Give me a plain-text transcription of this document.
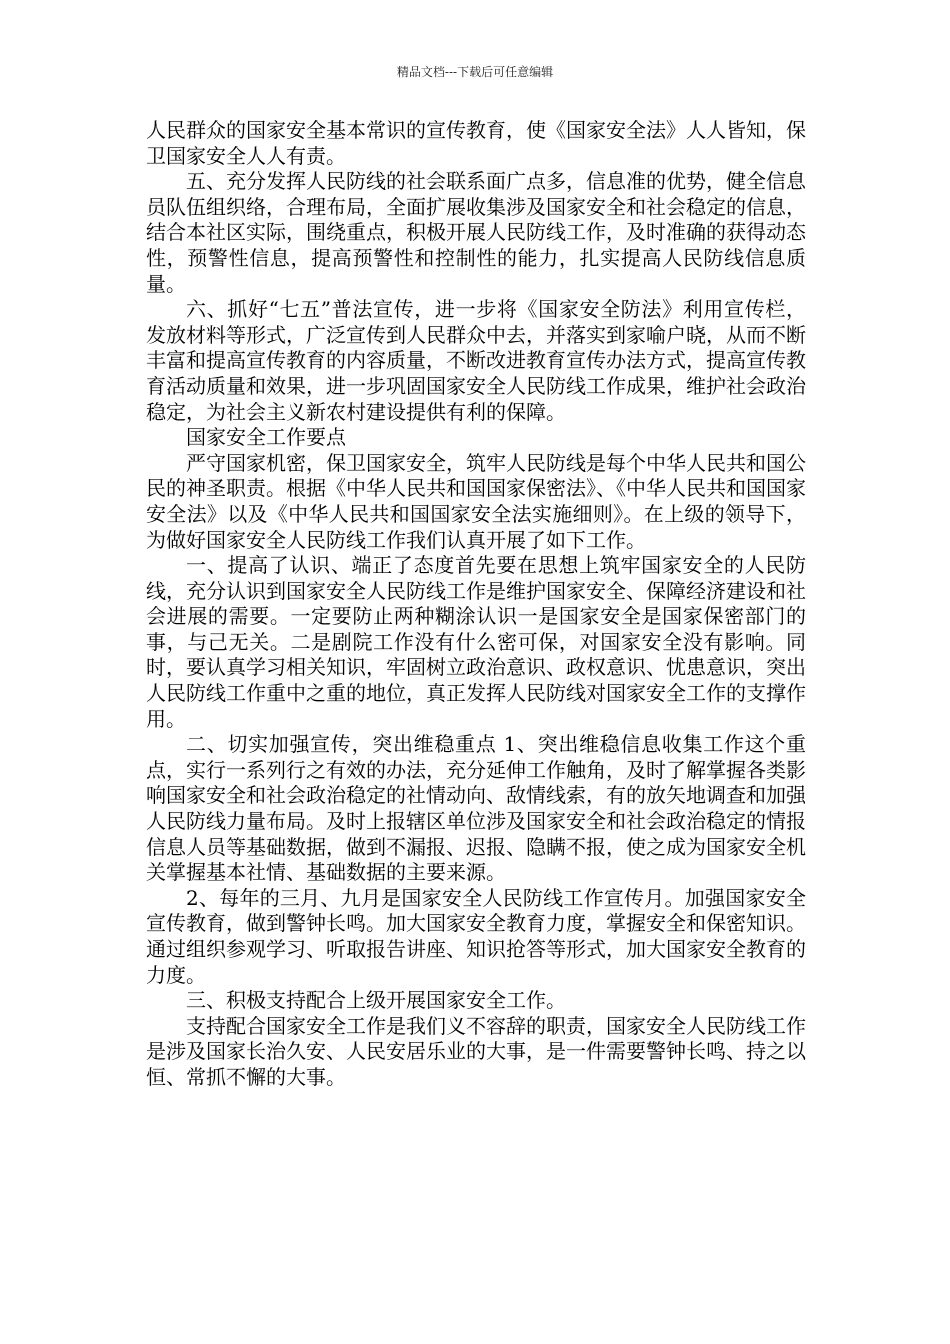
精品文档---下载后可任意编辑

人民群众的国家安全基本常识的宣传教育，使《国家安全法》人人皆知，保卫国家安全人人有责。

五、充分发挥人民防线的社会联系面广点多，信息准的优势，健全信息员队伍组织络，合理布局，全面扩展收集涉及国家安全和社会稳定的信息，结合本社区实际，围绕重点，积极开展人民防线工作，及时准确的获得动态性，预警性信息，提高预警性和控制性的能力，扎实提高人民防线信息质量。

六、抓好“七五”普法宣传，进一步将《国家安全防法》利用宣传栏，发放材料等形式，广泛宣传到人民群众中去，并落实到家喻户晓，从而不断丰富和提高宣传教育的内容质量，不断改进教育宣传办法方式，提高宣传教育活动质量和效果，进一步巩固国家安全人民防线工作成果，维护社会政治稳定，为社会主义新农村建设提供有利的保障。

国家安全工作要点

严守国家机密，保卫国家安全，筑牢人民防线是每个中华人民共和国公民的神圣职责。根据《中华人民共和国国家保密法》、《中华人民共和国国家安全法》以及《中华人民共和国国家安全法实施细则》。在上级的领导下，为做好国家安全人民防线工作我们认真开展了如下工作。

一、提高了认识、端正了态度首先要在思想上筑牢国家安全的人民防线，充分认识到国家安全人民防线工作是维护国家安全、保障经济建设和社会进展的需要。一定要防止两种糊涂认识一是国家安全是国家保密部门的事，与己无关。二是剧院工作没有什么密可保，对国家安全没有影响。同时，要认真学习相关知识，牢固树立政治意识、政权意识、忧患意识，突出人民防线工作重中之重的地位，真正发挥人民防线对国家安全工作的支撑作用。

二、切实加强宣传，突出维稳重点 1、突出维稳信息收集工作这个重点，实行一系列行之有效的办法，充分延伸工作触角，及时了解掌握各类影响国家安全和社会政治稳定的社情动向、敌情线索，有的放矢地调查和加强人民防线力量布局。及时上报辖区单位涉及国家安全和社会政治稳定的情报信息人员等基础数据，做到不漏报、迟报、隐瞒不报，使之成为国家安全机关掌握基本社情、基础数据的主要来源。

2、每年的三月、九月是国家安全人民防线工作宣传月。加强国家安全宣传教育，做到警钟长鸣。加大国家安全教育力度，掌握安全和保密知识。通过组织参观学习、听取报告讲座、知识抢答等形式，加大国家安全教育的力度。

三、积极支持配合上级开展国家安全工作。

支持配合国家安全工作是我们义不容辞的职责，国家安全人民防线工作是涉及国家长治久安、人民安居乐业的大事，是一件需要警钟长鸣、持之以恒、常抓不懈的大事。
